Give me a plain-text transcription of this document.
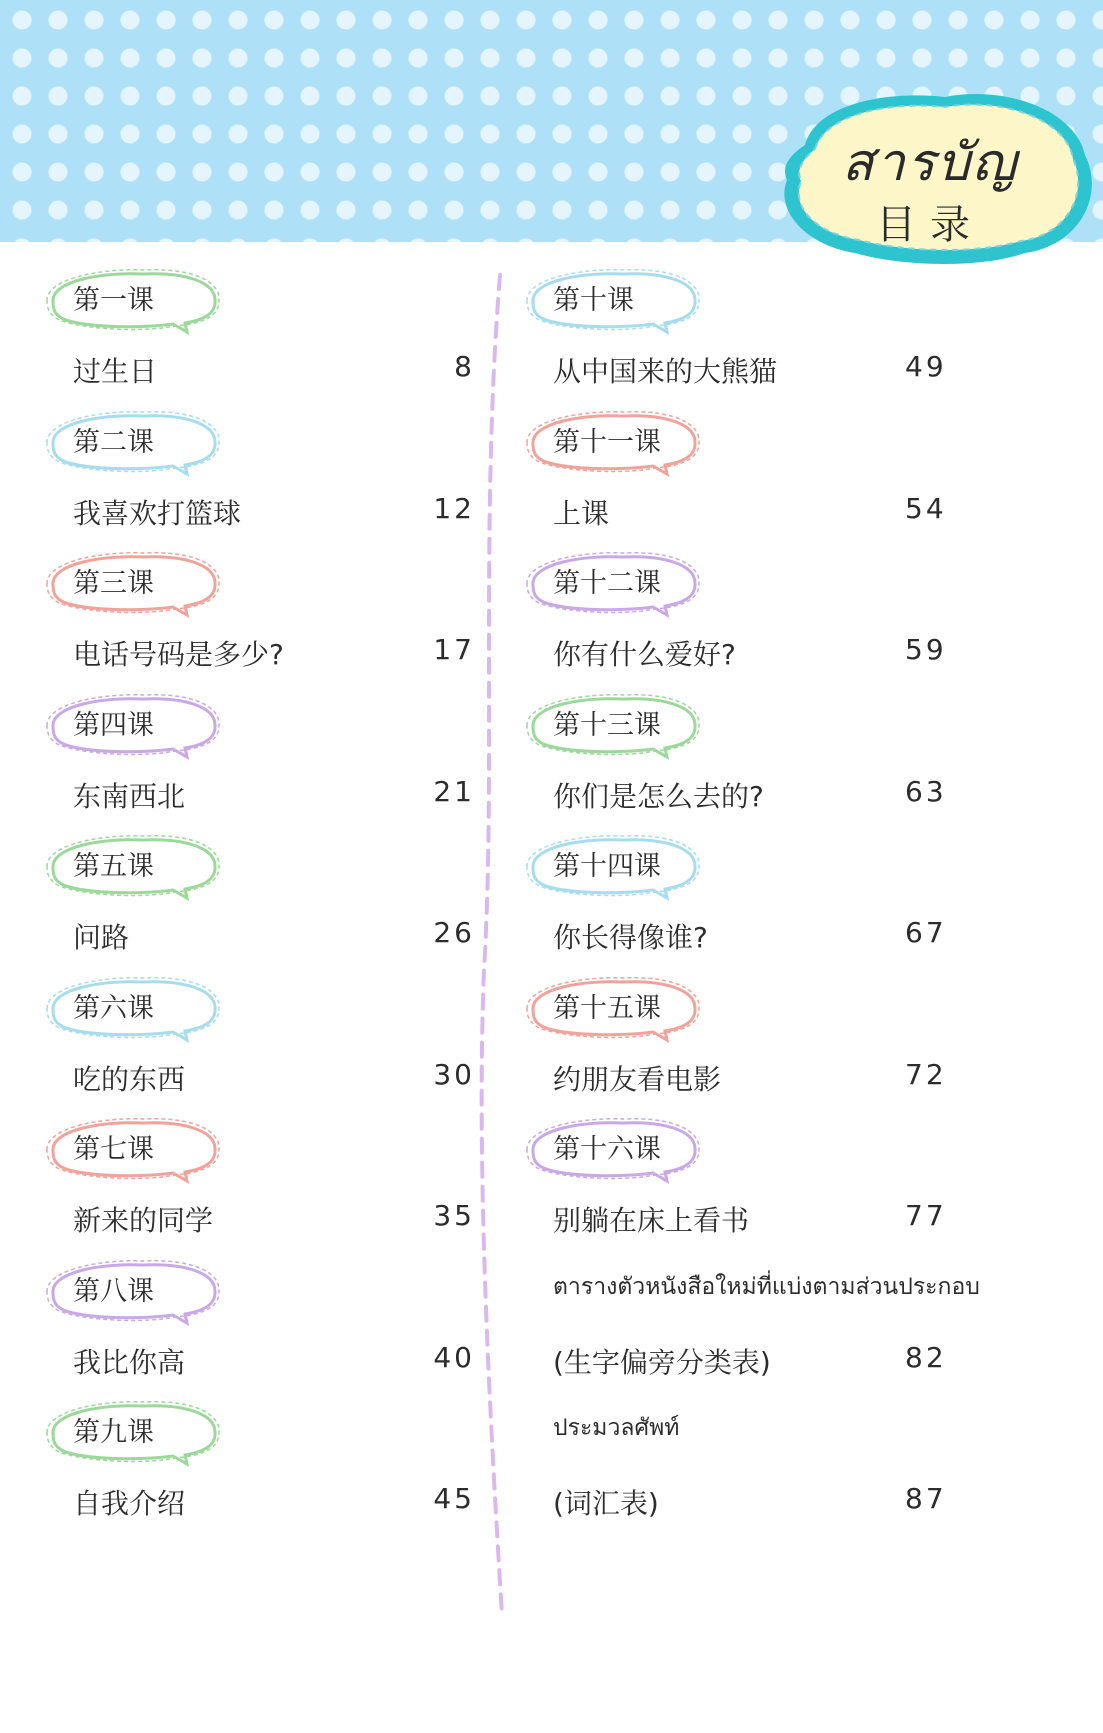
สารบัญ
目录
第一课
过生日	8
第二课
我喜欢打篮球	12
第三课
电话号码是多少?	17
第四课
东南西北	21
第五课
问路	26
第六课
吃的东西	30
第七课
新来的同学	35
第八课
我比你高	40
第九课
自我介绍	45
第十课
从中国来的大熊猫	49
第十一课
上课	54
第十二课
你有什么爱好?	59
第十三课
你们是怎么去的?	63
第十四课
你长得像谁?	67
第十五课
约朋友看电影	72
第十六课
别躺在床上看书	77
ตารางตัวหนังสือใหม่ที่แบ่งตามส่วนประกอบ
(生字偏旁分类表)	82
ประมวลศัพท์
(词汇表)	87
